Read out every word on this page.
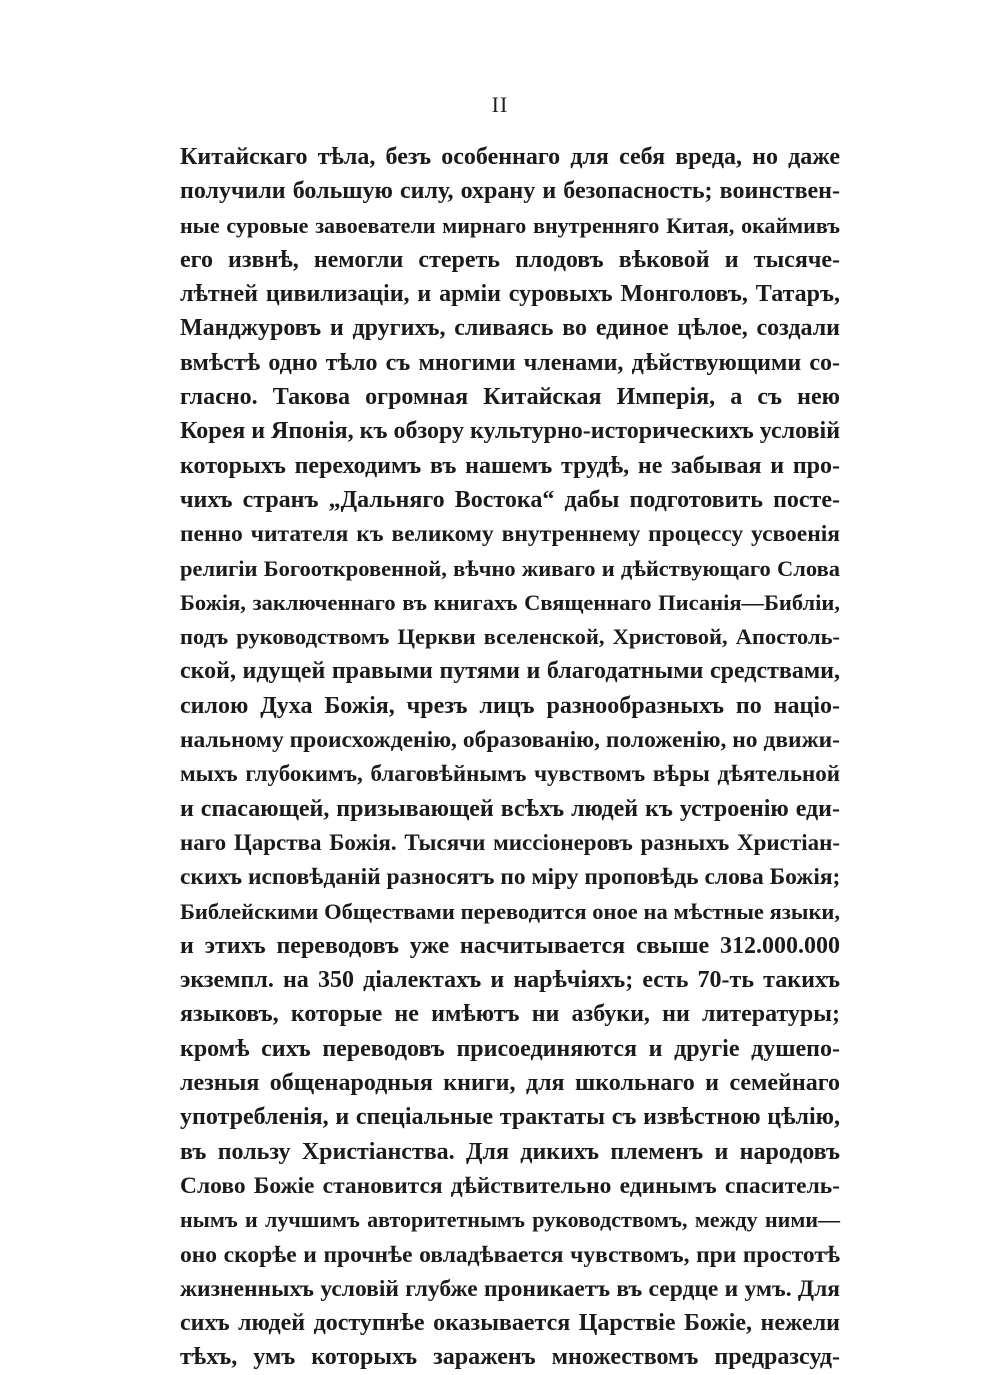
II
Китайскаго тѣла, безъ особеннаго для себя вреда, но даже
получили большую силу, охрану и безопасность; воинствен-
ные суровые завоеватели мирнаго внутренняго Китая, окаймивъ
его извнѣ, немогли стереть плодовъ вѣковой и тысяче-
лѣтней цивилизаціи, и арміи суровыхъ Монголовъ, Татаръ,
Манджуровъ и другихъ, сливаясь во единое цѣлое, создали
вмѣстѣ одно тѣло съ многими членами, дѣйствующими со-
гласно. Такова огромная Китайская Имперія, а съ нею
Корея и Японія, къ обзору культурно-историческихъ условій
которыхъ переходимъ въ нашемъ трудѣ, не забывая и про-
чихъ странъ „Дальняго Востока“ дабы подготовить посте-
пенно читателя къ великому внутреннему процессу усвоенія
религіи Богооткровенной, вѣчно живаго и дѣйствующаго Слова
Божія, заключеннаго въ книгахъ Священнаго Писанія—Библіи,
подъ руководствомъ Церкви вселенской, Христовой, Апостоль-
ской, идущей правыми путями и благодатными средствами,
силою Духа Божія, чрезъ лицъ разнообразныхъ по націо-
нальному происхожденію, образованію, положенію, но движи-
мыхъ глубокимъ, благовѣйнымъ чувствомъ вѣры дѣятельной
и спасающей, призывающей всѣхъ людей къ устроенію еди-
наго Царства Божія. Тысячи миссіонеровъ разныхъ Христіан-
скихъ исповѣданій разносятъ по міру проповѣдь слова Божія;
Библейскими Обществами переводится оное на мѣстные языки,
и этихъ переводовъ уже насчитывается свыше 312.000.000
экземпл. на 350 діалектахъ и нарѣчіяхъ; есть 70-ть такихъ
языковъ, которые не имѣютъ ни азбуки, ни литературы;
кромѣ сихъ переводовъ присоединяются и другіе душепо-
лезныя общенародныя книги, для школьнаго и семейнаго
употребленія, и спеціальные трактаты съ извѣстною цѣлію,
въ пользу Христіанства. Для дикихъ племенъ и народовъ
Слово Божіе становится дѣйствительно единымъ спаситель-
нымъ и лучшимъ авторитетнымъ руководствомъ, между ними—
оно скорѣе и прочнѣе овладѣвается чувствомъ, при простотѣ
жизненныхъ условій глубже проникаетъ въ сердце и умъ. Для
сихъ людей доступнѣе оказывается Царствіе Божіе, нежели
тѣхъ, умъ которыхъ зараженъ множествомъ предразсуд-
